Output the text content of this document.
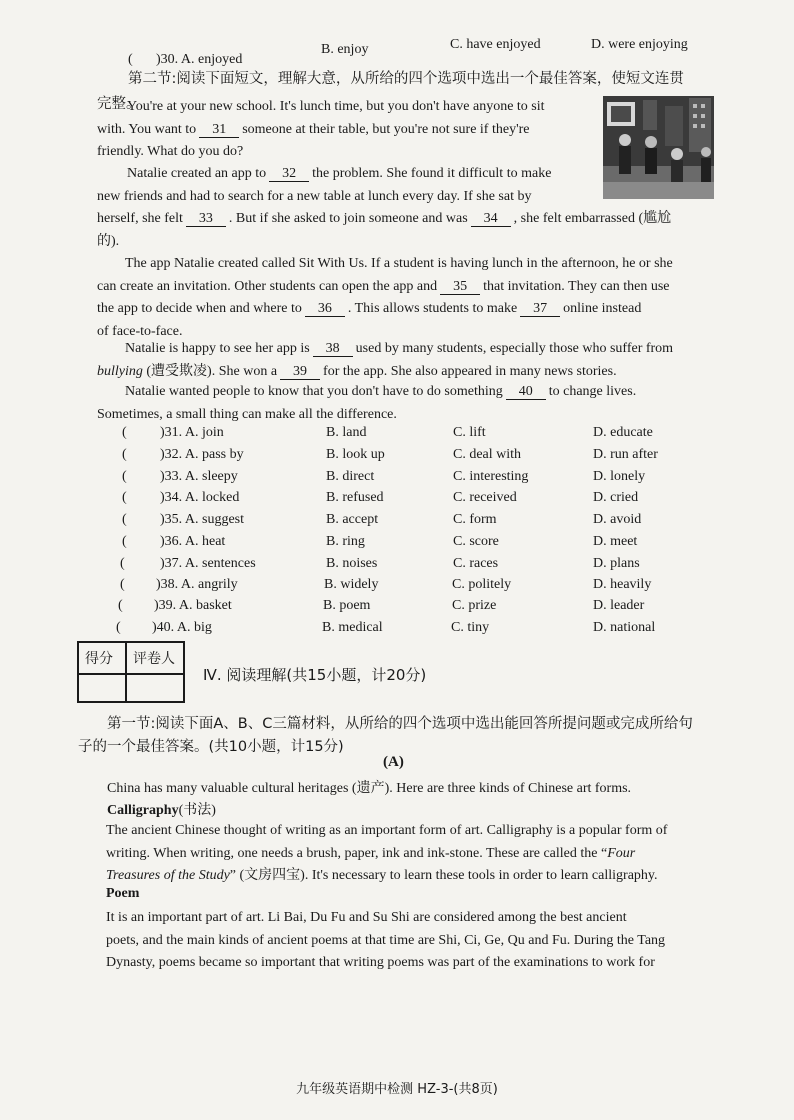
( )30. A. enjoyed
B. enjoy	C. have enjoyed	D. were enjoying
第二节:阅读下面短文，理解大意，从所给的四个选项中选出一个最佳答案，使短文连贯
完整。
You're at your new school. It's lunch time, but you don't have anyone to sit
with. You want to 31 someone at their table, but you're not sure if they're
friendly. What do you do?
Natalie created an app to 32 the problem. She found it difficult to make
new friends and had to search for a new table at lunch every day. If she sat by
herself, she felt 33 . But if she asked to join someone and was 34 , she felt embarrassed (尴尬
的).
The app Natalie created called Sit With Us. If a student is having lunch in the afternoon, he or she
can create an invitation. Other students can open the app and 35 that invitation. They can then use
the app to decide when and where to 36 . This allows students to make 37 online instead
of face-to-face.
Natalie is happy to see her app is 38 used by many students, especially those who suffer from
bullying (遭受欺凌). She won a 39 for the app. She also appeared in many news stories.
Natalie wanted people to know that you don't have to do something 40 to change lives.
Sometimes, a small thing can make all the difference.
( )31. A. join	B. land	C. lift	D. educate
( )32. A. pass by	B. look up	C. deal with	D. run after
( )33. A. sleepy	B. direct	C. interesting	D. lonely
( )34. A. locked	B. refused	C. received	D. cried
( )35. A. suggest	B. accept	C. form	D. avoid
( )36. A. heat	B. ring	C. score	D. meet
(	)37. A. sentences	B. noises	C. races	D. plans
( )38. A. angrily	B. widely	C. politely	D. heavily
( )39. A. basket	B. poem	C. prize	D. leader
( )40. A. big	B. medical	C. tiny	D. national
得分 评卷人
Ⅳ. 阅读理解(共15小题，计20分)
第一节:阅读下面A、B、C三篇材料，从所给的四个选项中选出能回答所提问题或完成所给句
子的一个最佳答案。(共10小题，计15分)
(A)
China has many valuable cultural heritages (遗产). Here are three kinds of Chinese art forms.
Calligraphy(书法)
The ancient Chinese thought of writing as an important form of art. Calligraphy is a popular form of
writing. When writing, one needs a brush, paper, ink and ink-stone. These are called the “Four
Treasures of the Study” (文房四宝). It's necessary to learn these tools in order to learn calligraphy.
Poem
It is an important part of art. Li Bai, Du Fu and Su Shi are considered among the best ancient
poets, and the main kinds of ancient poems at that time are Shi, Ci, Ge, Qu and Fu. During the Tang
Dynasty, poems became so important that writing poems was part of the examinations to work for
九年级英语期中检测 HZ-3-(共8页)
